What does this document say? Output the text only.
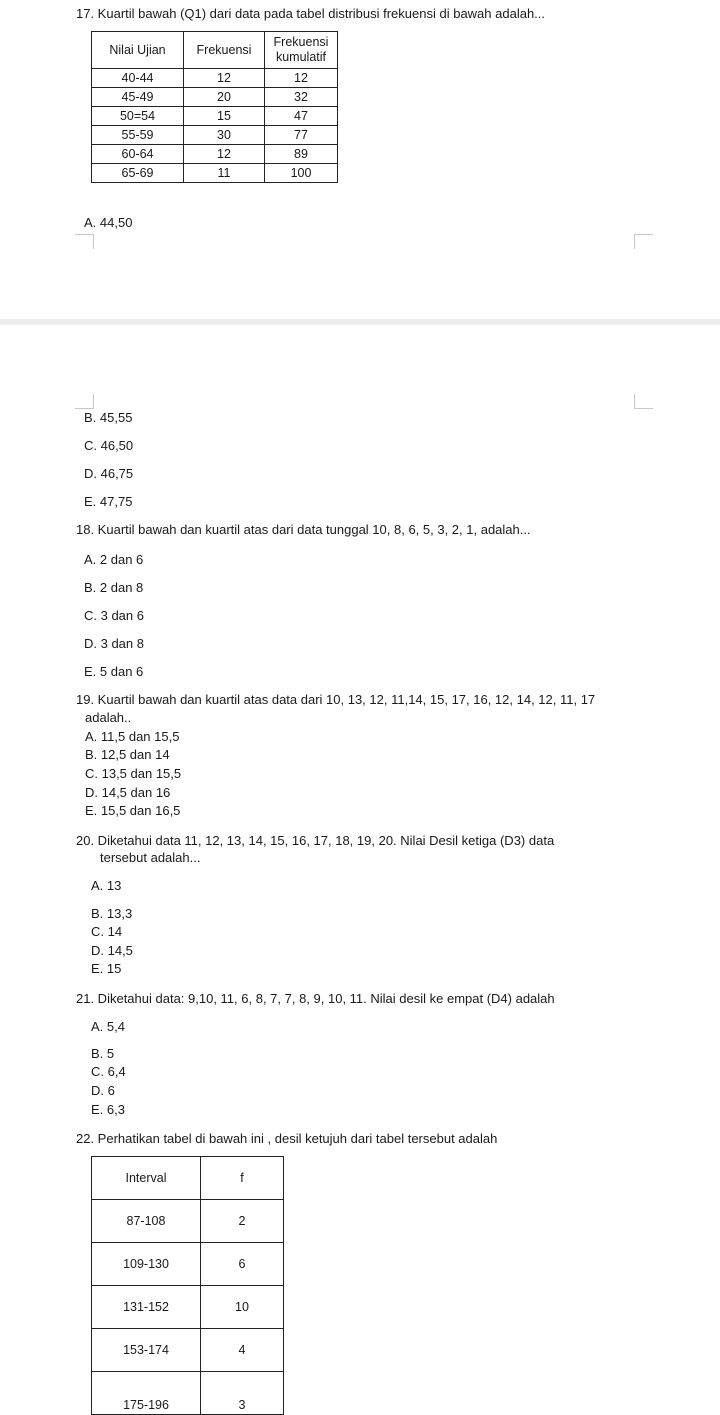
17. Kuartil bawah (Q1) dari data pada tabel distribusi frekuensi di bawah adalah...
Nilai Ujian	Frekuensi	Frekuensi kumulatif
40-44	12	12
45-49	20	32
50=54	15	47
55-59	30	77
60-64	12	89
65-69	11	100
A. 44,50
B. 45,55
C. 46,50
D. 46,75
E. 47,75
18. Kuartil bawah dan kuartil atas dari data tunggal 10, 8, 6, 5, 3, 2, 1, adalah...
A. 2 dan 6
B. 2 dan 8
C. 3 dan 6
D. 3 dan 8
E. 5 dan 6
19. Kuartil bawah dan kuartil atas data dari 10, 13, 12, 11,14, 15, 17, 16, 12, 14, 12, 11, 17
adalah..
A. 11,5 dan 15,5
B. 12,5 dan 14
C. 13,5 dan 15,5
D. 14,5 dan 16
E. 15,5 dan 16,5
20. Diketahui data 11, 12, 13, 14, 15, 16, 17, 18, 19, 20. Nilai Desil ketiga (D3) data
tersebut adalah...
A. 13
B. 13,3
C. 14
D. 14,5
E. 15
21. Diketahui data: 9,10, 11, 6, 8, 7, 7, 8, 9, 10, 11. Nilai desil ke empat (D4) adalah
A. 5,4
B. 5
C. 6,4
D. 6
E. 6,3
22. Perhatikan tabel di bawah ini , desil ketujuh dari tabel tersebut adalah
Interval	f
87-108	2
109-130	6
131-152	10
153-174	4
175-196	3
